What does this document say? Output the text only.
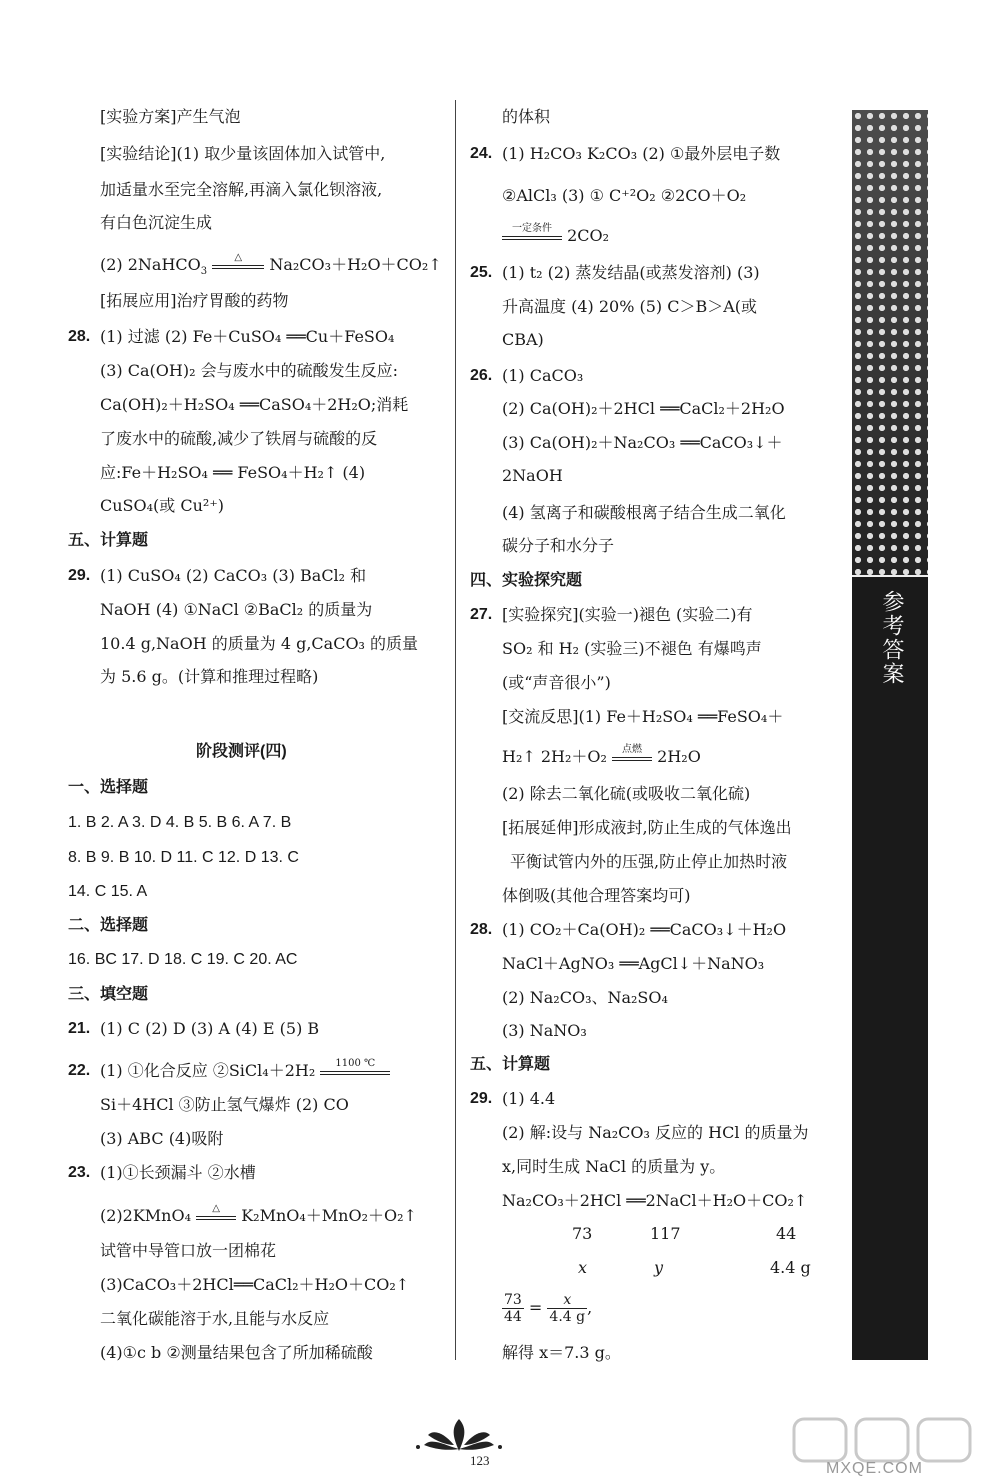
[实验方案]产生气泡
[实验结论](1) 取少量该固体加入试管中,
加适量水至完全溶解,再滴入氯化钡溶液,
有白色沉淀生成
(2) 2NaHCO$_3$
△	Na₂CO₃＋H₂O＋CO₂↑
[拓展应用]治疗胃酸的药物
28. (1) 过滤 (2) Fe＋CuSO₄ ══Cu＋FeSO₄
(3) Ca(OH)₂ 会与废水中的硫酸发生反应:
Ca(OH)₂＋H₂SO₄ ══CaSO₄＋2H₂O;消耗
了废水中的硫酸,减少了铁屑与硫酸的反
应:Fe＋H₂SO₄ ══ FeSO₄＋H₂↑ (4)
CuSO₄(或 Cu²⁺)
五、计算题
29. (1) CuSO₄ (2) CaCO₃ (3) BaCl₂ 和
NaOH (4) ①NaCl ②BaCl₂ 的质量为
10.4 g,NaOH 的质量为 4 g,CaCO₃ 的质量
为 5.6 g。(计算和推理过程略)
阶段测评(四)
一、选择题
1. B 2. A 3. D 4. B 5. B 6. A 7. B
8. B 9. B 10. D 11. C 12. D 13. C
14. C 15. A
二、选择题
16. BC 17. D 18. C 19. C 20. AC
三、填空题
21. (1) C (2) D (3) A (4) E (5) B
22. (1) ①化合反应 ②SiCl₄＋2H₂	1100 ℃
Si＋4HCl ③防止氢气爆炸 (2) CO
(3) ABC (4)吸附
23. (1)①长颈漏斗 ②水槽
(2)2KMnO₄	△	K₂MnO₄＋MnO₂＋O₂↑
试管中导管口放一团棉花
(3)CaCO₃＋2HCl══CaCl₂＋H₂O＋CO₂↑
二氧化碳能溶于水,且能与水反应
(4)①c b ②测量结果包含了所加稀硫酸
的体积
24. (1) H₂CO₃ K₂CO₃ (2) ①最外层电子数
②AlCl₃ (3) ① C⁺²O₂ ②2CO＋O₂
一定条件 2CO₂
25. (1) t₂ (2) 蒸发结晶(或蒸发溶剂) (3)
升高温度 (4) 20% (5) C＞B＞A(或
CBA)
26. (1) CaCO₃
(2) Ca(OH)₂＋2HCl ══CaCl₂＋2H₂O
(3) Ca(OH)₂＋Na₂CO₃ ══CaCO₃↓＋
2NaOH
(4) 氢离子和碳酸根离子结合生成二氧化
碳分子和水分子
四、实验探究题
27. [实验探究](实验一)褪色 (实验二)有
SO₂ 和 H₂ (实验三)不褪色 有爆鸣声
(或“声音很小”)
[交流反思](1) Fe＋H₂SO₄ ══FeSO₄＋
H₂↑ 2H₂＋O₂	点燃 2H₂O
(2) 除去二氧化硫(或吸收二氧化硫)
[拓展延伸]形成液封,防止生成的气体逸出
平衡试管内外的压强,防止停止加热时液
体倒吸(其他合理答案均可)
28. (1) CO₂＋Ca(OH)₂ ══CaCO₃↓＋H₂O
NaCl＋AgNO₃ ══AgCl↓＋NaNO₃
(2) Na₂CO₃、Na₂SO₄
(3) NaNO₃
五、计算题
29. (1) 4.4
(2) 解:设与 Na₂CO₃ 反应的 HCl 的质量为
x,同时生成 NaCl 的质量为 y。
Na₂CO₃＋2HCl ══2NaCl＋H₂O＋CO₂↑
73	117	44
x	y	4.4 g
$\frac{73}{44} = \frac{x}{4.4 g}$ ,
解得 x＝7.3 g。
参考答案
123	MXQE.COM
